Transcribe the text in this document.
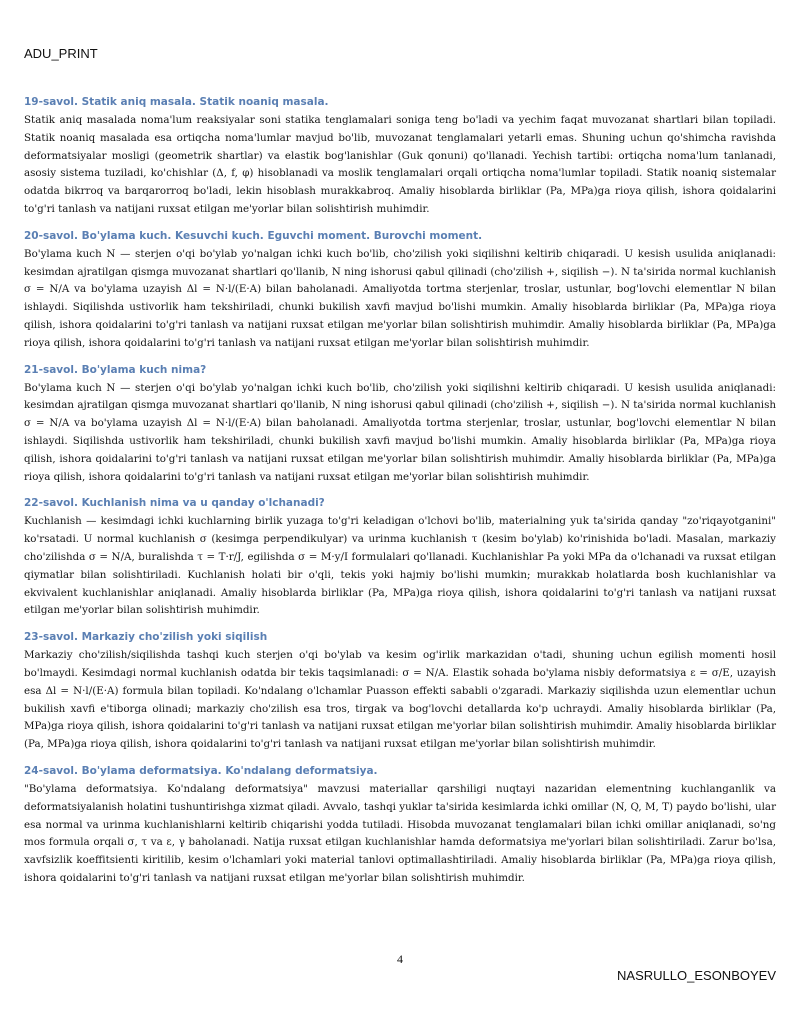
ADU_PRINT
19-savol. Statik aniq masala. Statik noaniq masala.

Statik aniq masalada noma'lum reaksiyalar soni statika tenglamalari soniga teng bo'ladi va yechim faqat muvozanat shartlari bilan topiladi. Statik noaniq masalada esa ortiqcha noma'lumlar mavjud bo'lib, muvozanat tenglamalari yetarli emas. Shuning uchun qo'shimcha ravishda deformatsiyalar mosligi (geometrik shartlar) va elastik bog'lanishlar (Guk qonuni) qo'llanadi. Yechish tartibi: ortiqcha noma'lum tanlanadi, asosiy sistema tuziladi, ko'chishlar (Δ, f, φ) hisoblanadi va moslik tenglamalari orqali ortiqcha noma'lumlar topiladi. Statik noaniq sistemalar odatda bikrroq va barqarorroq bo'ladi, lekin hisoblash murakkabroq. Amaliy hisoblarda birliklar (Pa, MPa)ga rioya qilish, ishora qoidalarini to'g'ri tanlash va natijani ruxsat etilgan me'yorlar bilan solishtirish muhimdir.

20-savol. Bo'ylama kuch. Kesuvchi kuch. Eguvchi moment. Burovchi moment.

Bo'ylama kuch N — sterjen o'qi bo'ylab yo'nalgan ichki kuch bo'lib, cho'zilish yoki siqilishni keltirib chiqaradi. U kesish usulida aniqlanadi: kesimdan ajratilgan qismga muvozanat shartlari qo'llanib, N ning ishorusi qabul qilinadi (cho'zilish +, siqilish −). N ta'sirida normal kuchlanish σ = N/A va bo'ylama uzayish Δl = N·l/(E·A) bilan baholanadi. Amaliyotda tortma sterjenlar, troslar, ustunlar, bog'lovchi elementlar N bilan ishlaydi. Siqilishda ustivorlik ham tekshiriladi, chunki bukilish xavfi mavjud bo'lishi mumkin. Amaliy hisoblarda birliklar (Pa, MPa)ga rioya qilish, ishora qoidalarini to'g'ri tanlash va natijani ruxsat etilgan me'yorlar bilan solishtirish muhimdir. Amaliy hisoblarda birliklar (Pa, MPa)ga rioya qilish, ishora qoidalarini to'g'ri tanlash va natijani ruxsat etilgan me'yorlar bilan solishtirish muhimdir.

21-savol. Bo'ylama kuch nima?

Bo'ylama kuch N — sterjen o'qi bo'ylab yo'nalgan ichki kuch bo'lib, cho'zilish yoki siqilishni keltirib chiqaradi. U kesish usulida aniqlanadi: kesimdan ajratilgan qismga muvozanat shartlari qo'llanib, N ning ishorusi qabul qilinadi (cho'zilish +, siqilish −). N ta'sirida normal kuchlanish σ = N/A va bo'ylama uzayish Δl = N·l/(E·A) bilan baholanadi. Amaliyotda tortma sterjenlar, troslar, ustunlar, bog'lovchi elementlar N bilan ishlaydi. Siqilishda ustivorlik ham tekshiriladi, chunki bukilish xavfi mavjud bo'lishi mumkin. Amaliy hisoblarda birliklar (Pa, MPa)ga rioya qilish, ishora qoidalarini to'g'ri tanlash va natijani ruxsat etilgan me'yorlar bilan solishtirish muhimdir. Amaliy hisoblarda birliklar (Pa, MPa)ga rioya qilish, ishora qoidalarini to'g'ri tanlash va natijani ruxsat etilgan me'yorlar bilan solishtirish muhimdir.

22-savol. Kuchlanish nima va u qanday o'lchanadi?

Kuchlanish — kesimdagi ichki kuchlarning birlik yuzaga to'g'ri keladigan o'lchovi bo'lib, materialning yuk ta'sirida qanday "zo'riqayotganini" ko'rsatadi. U normal kuchlanish σ (kesimga perpendikulyar) va urinma kuchlanish τ (kesim bo'ylab) ko'rinishida bo'ladi. Masalan, markaziy cho'zilishda σ = N/A, buralishda τ = T·r/J, egilishda σ = M·y/I formulalari qo'llanadi. Kuchlanishlar Pa yoki MPa da o'lchanadi va ruxsat etilgan qiymatlar bilan solishtiriladi. Kuchlanish holati bir o'qli, tekis yoki hajmiy bo'lishi mumkin; murakkab holatlarda bosh kuchlanishlar va ekvivalent kuchlanishlar aniqlanadi. Amaliy hisoblarda birliklar (Pa, MPa)ga rioya qilish, ishora qoidalarini to'g'ri tanlash va natijani ruxsat etilgan me'yorlar bilan solishtirish muhimdir.

23-savol. Markaziy cho'zilish yoki siqilish

Markaziy cho'zilish/siqilishda tashqi kuch sterjen o'qi bo'ylab va kesim og'irlik markazidan o'tadi, shuning uchun egilish momenti hosil bo'lmaydi. Kesimdagi normal kuchlanish odatda bir tekis taqsimlanadi: σ = N/A. Elastik sohada bo'ylama nisbiy deformatsiya ε = σ/E, uzayish esa Δl = N·l/(E·A) formula bilan topiladi. Ko'ndalang o'lchamlar Puasson effekti sababli o'zgaradi. Markaziy siqilishda uzun elementlar uchun bukilish xavfi e'tiborga olinadi; markaziy cho'zilish esa tros, tirgak va bog'lovchi detallarda ko'p uchraydi. Amaliy hisoblarda birliklar (Pa, MPa)ga rioya qilish, ishora qoidalarini to'g'ri tanlash va natijani ruxsat etilgan me'yorlar bilan solishtirish muhimdir. Amaliy hisoblarda birliklar (Pa, MPa)ga rioya qilish, ishora qoidalarini to'g'ri tanlash va natijani ruxsat etilgan me'yorlar bilan solishtirish muhimdir.

24-savol. Bo'ylama deformatsiya. Ko'ndalang deformatsiya.

"Bo'ylama deformatsiya. Ko'ndalang deformatsiya" mavzusi materiallar qarshiligi nuqtayi nazaridan elementning kuchlanganlik va deformatsiyalanish holatini tushuntirishga xizmat qiladi. Avvalo, tashqi yuklar ta'sirida kesimlarda ichki omillar (N, Q, M, T) paydo bo'lishi, ular esa normal va urinma kuchlanishlarni keltirib chiqarishi yodda tutiladi. Hisobda muvozanat tenglamalari bilan ichki omillar aniqlanadi, so'ng mos formula orqali σ, τ va ε, γ baholanadi. Natija ruxsat etilgan kuchlanishlar hamda deformatsiya me'yorlari bilan solishtiriladi. Zarur bo'lsa, xavfsizlik koeffitsienti kiritilib, kesim o'lchamlari yoki material tanlovi optimallashtiriladi. Amaliy hisoblarda birliklar (Pa, MPa)ga rioya qilish, ishora qoidalarini to'g'ri tanlash va natijani ruxsat etilgan me'yorlar bilan solishtirish muhimdir.

4
NASRULLO_ESONBOYEV
